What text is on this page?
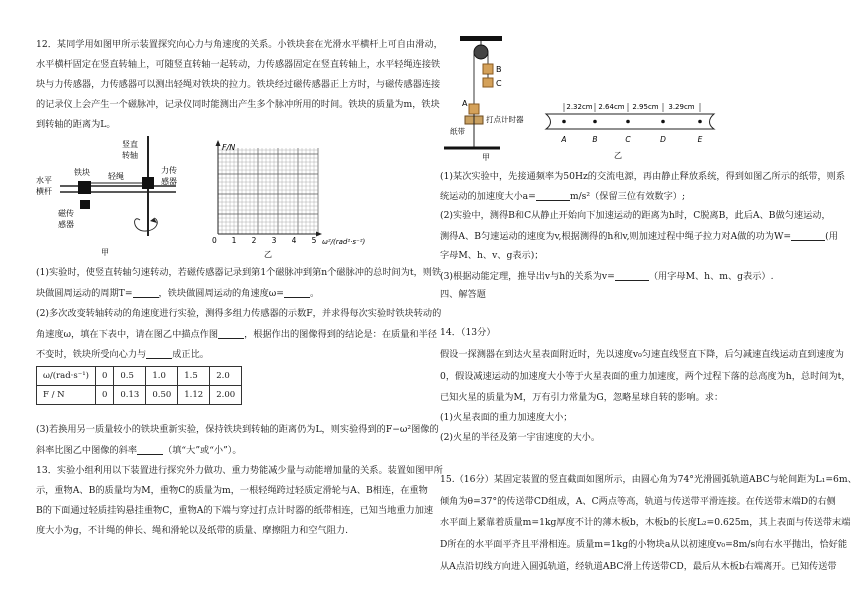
12．某同学用如图甲所示装置探究向心力与角速度的关系。小铁块套在光滑水平横杆上可自由滑动，
水平横杆固定在竖直转轴上，可随竖直转轴一起转动，力传感器固定在竖直转轴上，水平轻绳连接铁
块与力传感器，力传感器可以测出轻绳对铁块的拉力。铁块经过磁传感器正上方时，与磁传感器连接
的记录仪上会产生一个磁脉冲，记录仪同时能测出产生多个脉冲所用的时间。铁块的质量为m，铁块
到转轴的距离为L。
竖直
转轴
力传
感器
铁块 轻绳
水平
横杆
磁传
感器
甲
F/N
0 1 2 3 4 5 ω²/(rad²·s⁻²)
乙
(1)实验时，使竖直转轴匀速转动，若磁传感器记录到第1个磁脉冲到第n个磁脉冲的总时间为t，则铁
块做圆周运动的周期T=	，铁块做圆周运动的角速度ω=	。
(2)多次改变转轴转动的角速度进行实验，测得多组力传感器的示数F，并求得每次实验时铁块转动的
角速度ω，填在下表中，请在图乙中描点作图	，根据作出的图像得到的结论是：在质量和半径
不变时，铁块所受向心力与	成正比。
ω/(rad·s⁻¹)	0	0.5	1.0	1.5	2.0
F / N	0	0.13	0.50	1.12	2.00
(3)若换用另一质量较小的铁块重新实验，保持铁块到转轴的距离仍为L，则实验得到的F−ω²图像的
斜率比图乙中图像的斜率	（填“大”或“小”）。
13．实验小组利用以下装置进行探究外力做功、重力势能减少量与动能增加量的关系。装置如图甲所
示，重物A、B的质量均为M，重物C的质量为m，一根轻绳跨过轻质定滑轮与A、B相连，在重物
B的下面通过轻质挂钩悬挂重物C，重物A的下端与穿过打点计时器的纸带相连，已知当地重力加速
度大小为g，不计绳的伸长、绳和滑轮以及纸带的质量、摩擦阻力和空气阻力.
B
C
A
打点计时器
纸带
甲
A	B	C	D	E
2.32cm 2.64cm 2.95cm 3.29cm
乙
(1)某次实验中，先接通频率为50Hz的交流电源，再由静止释放系统，得到如图乙所示的纸带，则系
统运动的加速度大小a=	m/s²（保留三位有效数字）;
(2)实验中，测得B和C从静止开始向下加速运动的距离为h时，C脱离B，此后A、B做匀速运动，
测得A、B匀速运动的速度为v,根据测得的h和v,则加速过程中绳子拉力对A做的功为W=	(用
字母M、h、v、g表示)；
(3)根据动能定理，推导出v与h的关系为v=	（用字母M、h、m、g表示）.
四、解答题
14．（13分）
假设一探测器在到达火星表面附近时，先以速度v₀匀速直线竖直下降，后匀减速直线运动直到速度为
0，假设减速运动的加速度大小等于火星表面的重力加速度，两个过程下落的总高度为h，总时间为t，
已知火星的质量为M，万有引力常量为G，忽略星球自转的影响。求：
(1)火星表面的重力加速度大小；
(2)火星的半径及第一宇宙速度的大小。
15.（16分）某固定装置的竖直截面如图所示，由圆心角为74°光滑圆弧轨道ABC与轮间距为L₁=6m、
倾角为θ=37°的传送带CD组成，A、C两点等高，轨道与传送带平滑连接。在传送带末端D的右侧
水平面上紧靠着质量m=1kg厚度不计的薄木板b，木板b的长度L₂=0.625m，其上表面与传送带末端
D所在的水平面平齐且平滑相连。质量m=1kg的小物块a从以初速度v₀=8m/s向右水平抛出，恰好能
从A点沿切线方向进入圆弧轨道，经轨道ABC滑上传送带CD，最后从木板b右端离开。已知传送带
